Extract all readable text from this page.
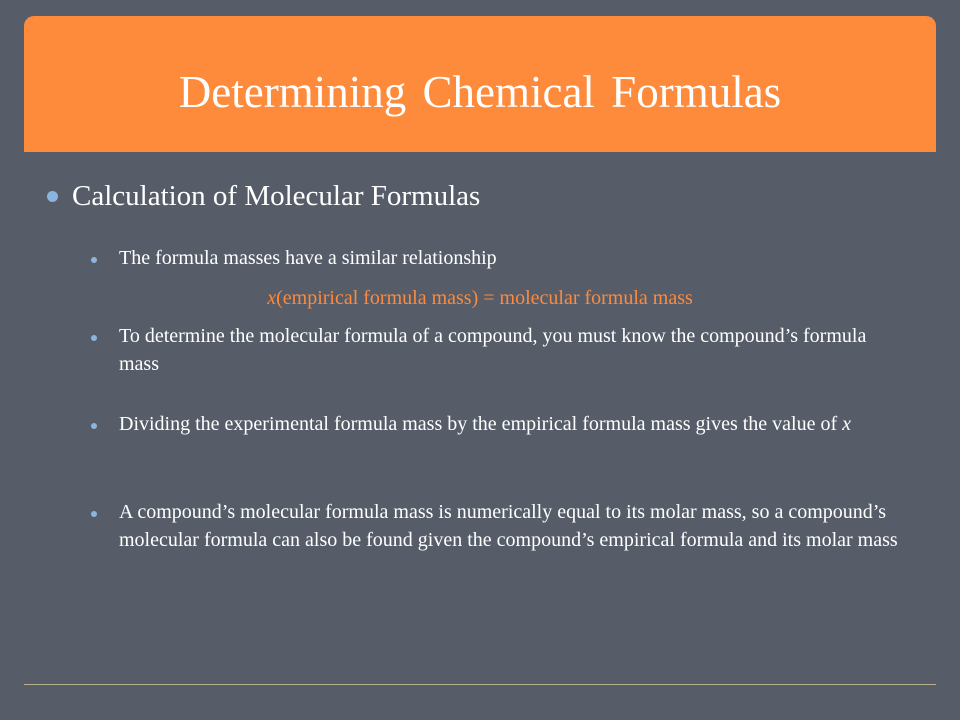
Determining Chemical Formulas
Calculation of Molecular Formulas
The formula masses have a similar relationship
x(empirical formula mass) = molecular formula mass
To determine the molecular formula of a compound, you must know the compound’s formula mass
Dividing the experimental formula mass by the empirical formula mass gives the value of x
A compound’s molecular formula mass is numerically equal to its molar mass, so a compound’s molecular formula can also be found given the compound’s empirical formula and its molar mass
